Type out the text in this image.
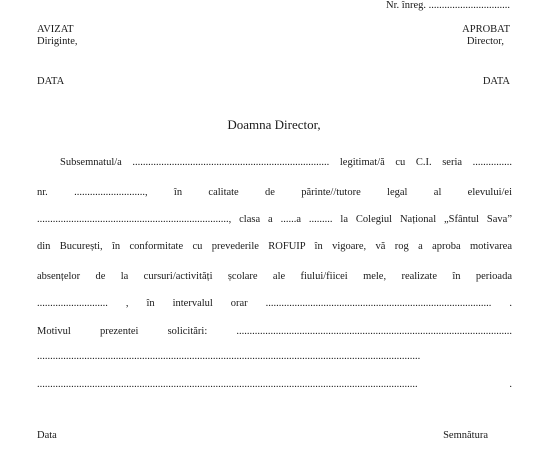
Nr. înreg. ...............................
AVIZAT
Diriginte,
APROBAT
Director,
DATA	DATA
Doamna Director,
Subsemnatul/a ........................................................................... legitimat/ă cu C.I. seria ...............
nr. ..........................., în calitate de părinte//tutore legal al elevului/ei
........................................................................., clasa a ......a ......... la Colegiul Național „Sfântul Sava”
din București, în conformitate cu prevederile ROFUIP în vigoare, vă rog a aproba motivarea
absențelor de la cursuri/activități școlare ale fiului/fiicei mele, realizate în perioada
........................... , în intervalul orar ...................................................................................... .
Motivul prezentei solicitări: .........................................................................................................
..................................................................................................................................................
................................................................................................................................................. .
Data	Semnătura
